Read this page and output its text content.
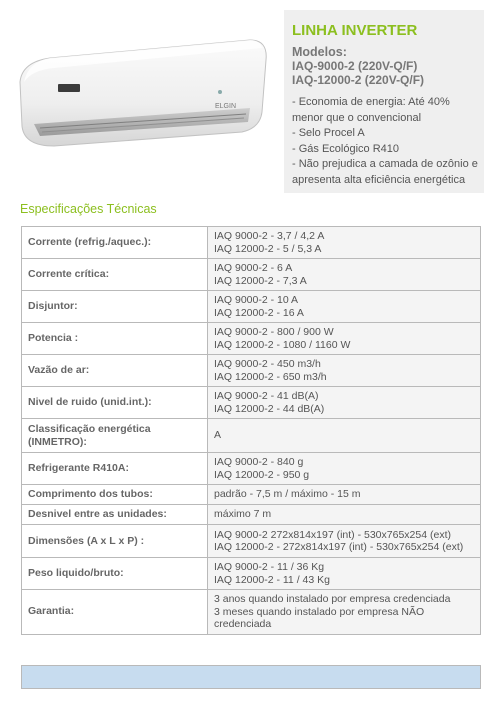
ELGIN
LINHA INVERTER
Modelos:
IAQ-9000-2 (220V-Q/F)
IAQ-12000-2 (220V-Q/F)
- Economia de energia: Até 40% menor que o convencional
- Selo Procel A
- Gás Ecológico R410
- Não prejudica a camada de ozônio e apresenta alta eficiência energética
Especificações Técnicas
Corrente (refrig./aquec.):	IAQ 9000-2 - 3,7 / 4,2 A
IAQ 12000-2 - 5 / 5,3 A

Corrente crítica:	IAQ 9000-2 - 6 A
IAQ 12000-2 - 7,3 A

Disjuntor:	IAQ 9000-2 - 10 A
IAQ 12000-2 - 16 A

Potencia :	IAQ 9000-2 - 800 / 900 W
IAQ 12000-2 - 1080 / 1160 W

Vazão de ar:	IAQ 9000-2 - 450 m3/h
IAQ 12000-2 - 650 m3/h

Nivel de ruido (unid.int.):	IAQ 9000-2 - 41 dB(A)
IAQ 12000-2 - 44 dB(A)

Classificação energética (INMETRO):	A

Refrigerante R410A:	IAQ 9000-2 - 840 g
IAQ 12000-2 - 950 g

Comprimento dos tubos:	padrão - 7,5 m / máximo - 15 m

Desnivel entre as unidades:	máximo 7 m

Dimensões (A x L x P) :	IAQ 9000-2 272x814x197 (int) - 530x765x254 (ext)
IAQ 12000-2 - 272x814x197 (int) - 530x765x254 (ext)

Peso liquido/bruto:	IAQ 9000-2 - 11 / 36 Kg
IAQ 12000-2 - 11 / 43 Kg

Garantia:	3 anos quando instalado por empresa credenciada
3 meses quando instalado por empresa NÃO credenciada
